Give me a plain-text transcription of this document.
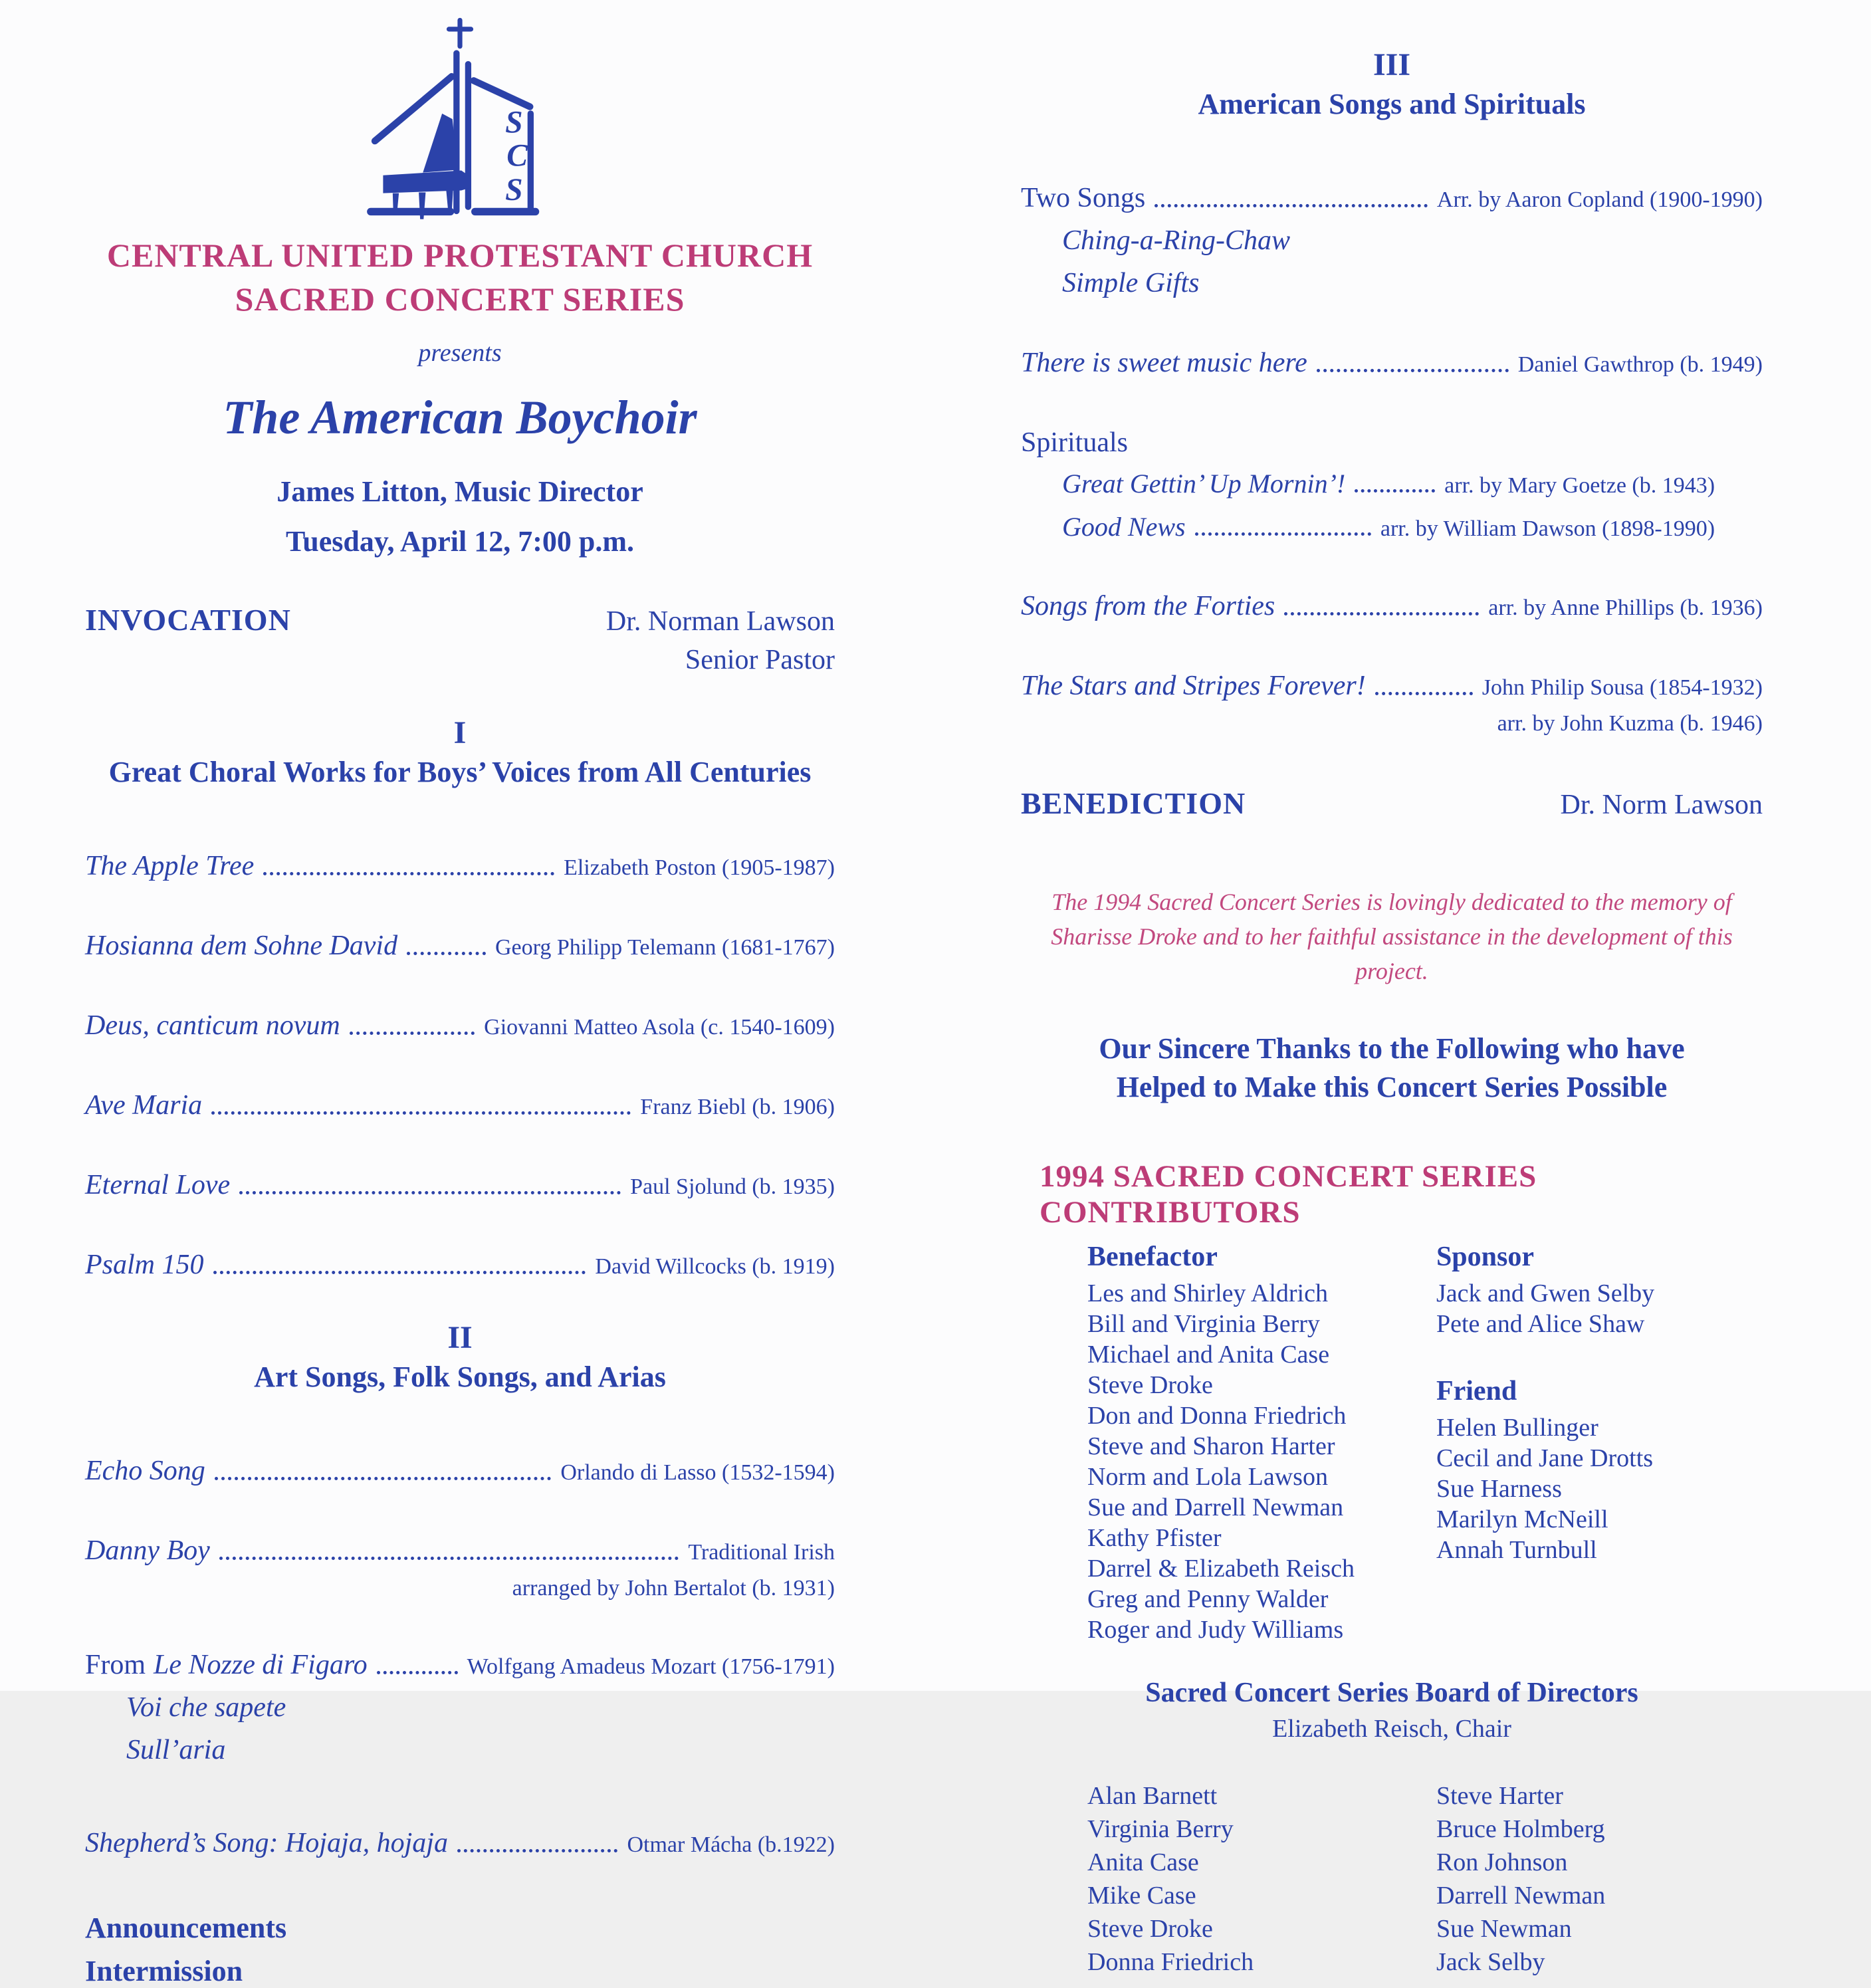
S
C
S
CENTRAL UNITED PROTESTANT CHURCH
SACRED CONCERT SERIES
presents
The American Boychoir
James Litton, Music Director
Tuesday, April 12, 7:00 p.m.
INVOCATION	Dr. Norman Lawson
Senior Pastor
I
Great Choral Works for Boys’ Voices from All Centuries
The Apple Tree	Elizabeth Poston (1905-1987)
Hosianna dem Sohne David	Georg Philipp Telemann (1681-1767)
Deus, canticum novum	Giovanni Matteo Asola (c. 1540-1609)
Ave Maria	Franz Biebl (b. 1906)
Eternal Love	Paul Sjolund (b. 1935)
Psalm 150	David Willcocks (b. 1919)
II
Art Songs, Folk Songs, and Arias
Echo Song	Orlando di Lasso (1532-1594)
Danny Boy	Traditional Irish
arranged by John Bertalot (b. 1931)
From Le Nozze di Figaro	Wolfgang Amadeus Mozart (1756-1791)
Voi che sapete
Sull’aria
Shepherd’s Song: Hojaja, hojaja	Otmar Mácha (b.1922)
Announcements
Intermission
III
American Songs and Spirituals
Two Songs	Arr. by Aaron Copland (1900-1990)
Ching-a-Ring-Chaw
Simple Gifts
There is sweet music here	Daniel Gawthrop (b. 1949)
Spirituals
Great Gettin’ Up Mornin’!	arr. by Mary Goetze (b. 1943)
Good News	arr. by William Dawson (1898-1990)
Songs from the Forties	arr. by Anne Phillips (b. 1936)
The Stars and Stripes Forever!	John Philip Sousa (1854-1932)
arr. by John Kuzma (b. 1946)
BENEDICTION	Dr. Norm Lawson
The 1994 Sacred Concert Series is lovingly dedicated to the memory of
Sharisse Droke and to her faithful assistance in the development of this project.
Our Sincere Thanks to the Following who have
Helped to Make this Concert Series Possible
1994 SACRED CONCERT SERIES CONTRIBUTORS
Benefactor
Les and Shirley Aldrich
Bill and Virginia Berry
Michael and Anita Case
Steve Droke
Don and Donna Friedrich
Steve and Sharon Harter
Norm and Lola Lawson
Sue and Darrell Newman
Kathy Pfister
Darrel & Elizabeth Reisch
Greg and Penny Walder
Roger and Judy Williams
Sponsor
Jack and Gwen Selby
Pete and Alice Shaw
Friend
Helen Bullinger
Cecil and Jane Drotts
Sue Harness
Marilyn McNeill
Annah Turnbull
Sacred Concert Series Board of Directors
Elizabeth Reisch, Chair
Alan Barnett
Virginia Berry
Anita Case
Mike Case
Steve Droke
Donna Friedrich
Steve Harter
Bruce Holmberg
Ron Johnson
Darrell Newman
Sue Newman
Jack Selby
